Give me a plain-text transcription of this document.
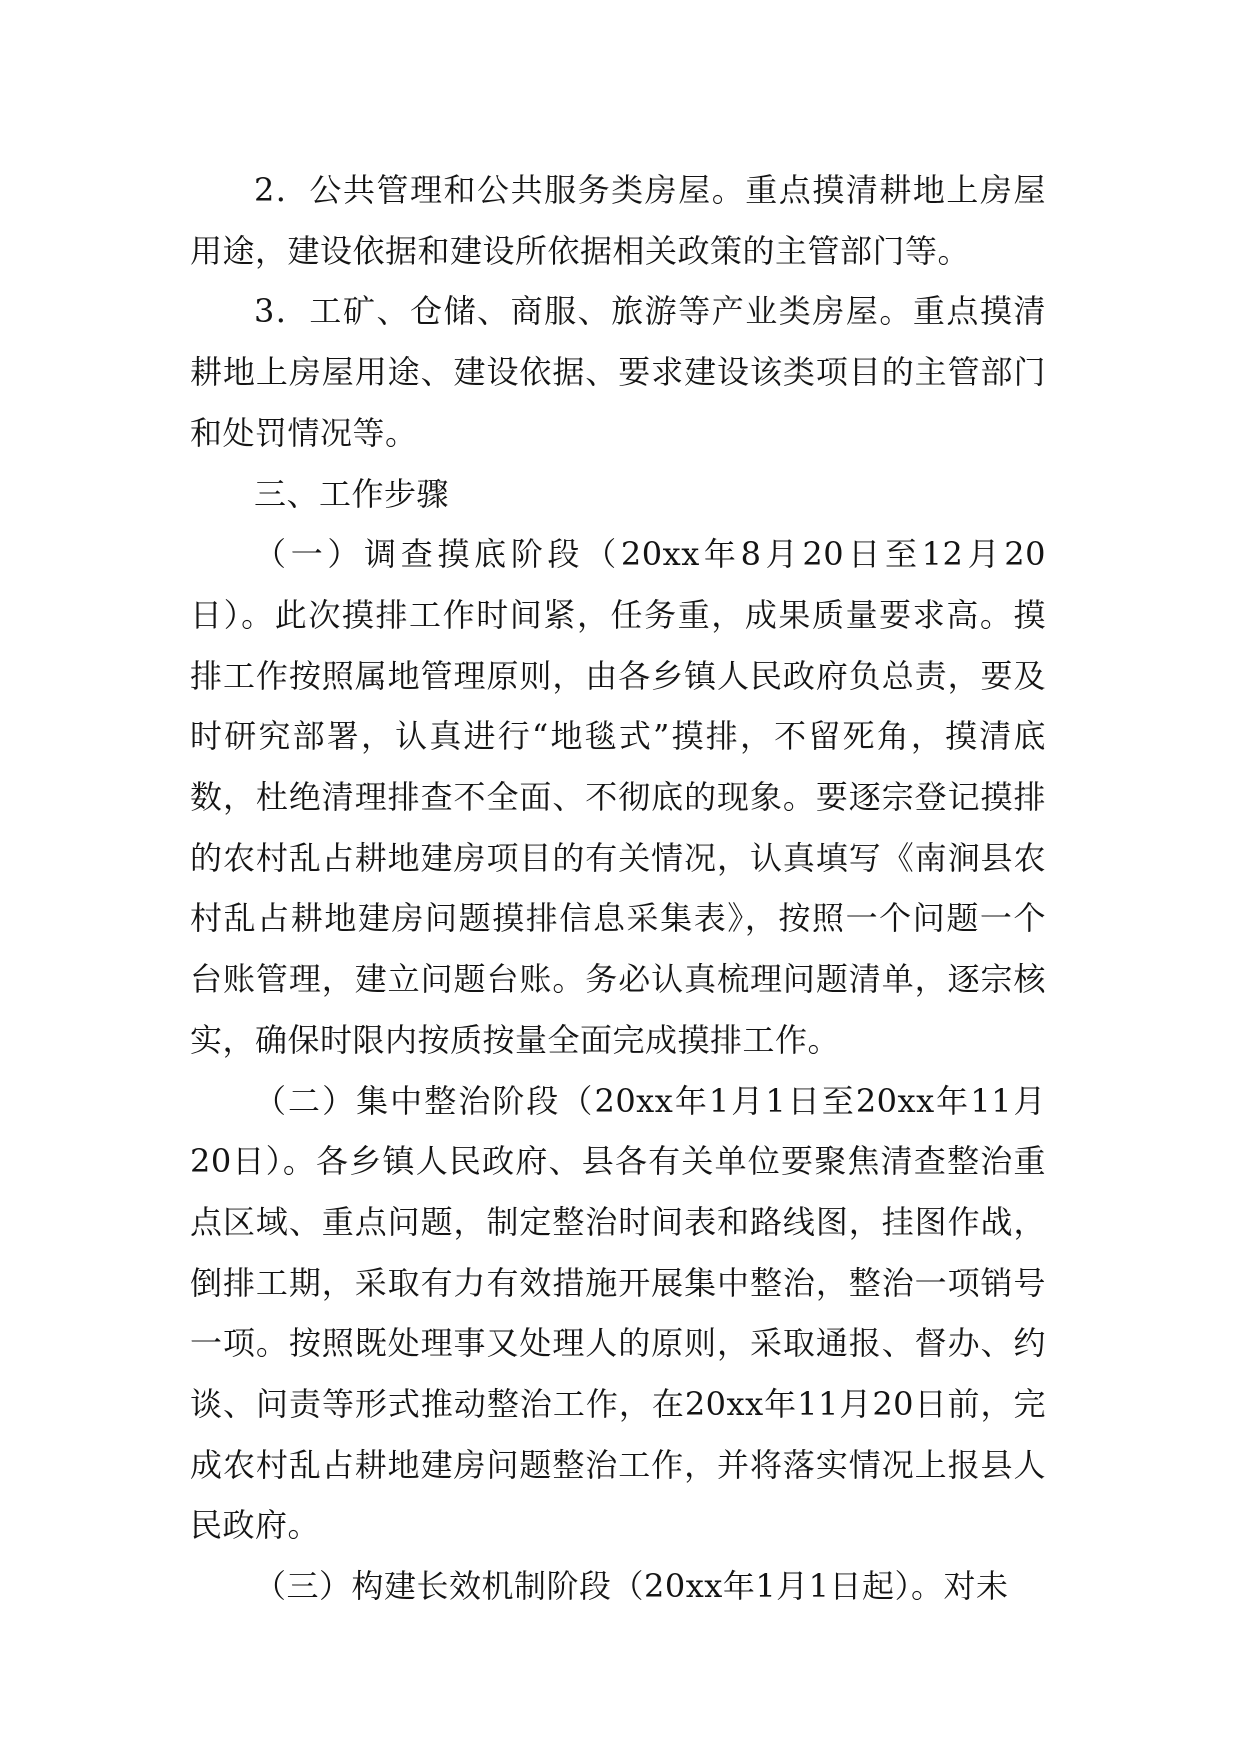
2．公共管理和公共服务类房屋。重点摸清耕地上房屋用途，建设依据和建设所依据相关政策的主管部门等。

3．工矿、仓储、商服、旅游等产业类房屋。重点摸清耕地上房屋用途、建设依据、要求建设该类项目的主管部门和处罚情况等。

三、工作步骤

（一）调查摸底阶段（20xx年8月20日至12月20日）。此次摸排工作时间紧，任务重，成果质量要求高。摸排工作按照属地管理原则，由各乡镇人民政府负总责，要及时研究部署，认真进行“地毯式”摸排，不留死角，摸清底数，杜绝清理排查不全面、不彻底的现象。要逐宗登记摸排的农村乱占耕地建房项目的有关情况，认真填写《南涧县农村乱占耕地建房问题摸排信息采集表》，按照一个问题一个台账管理，建立问题台账。务必认真梳理问题清单，逐宗核实，确保时限内按质按量全面完成摸排工作。

（二）集中整治阶段（20xx年1月1日至20xx年11月20日）。各乡镇人民政府、县各有关单位要聚焦清查整治重点区域、重点问题，制定整治时间表和路线图，挂图作战，倒排工期，采取有力有效措施开展集中整治，整治一项销号一项。按照既处理事又处理人的原则，采取通报、督办、约谈、问责等形式推动整治工作，在20xx年11月20日前，完成农村乱占耕地建房问题整治工作，并将落实情况上报县人民政府。

（三）构建长效机制阶段（20xx年1月1日起）。对未
